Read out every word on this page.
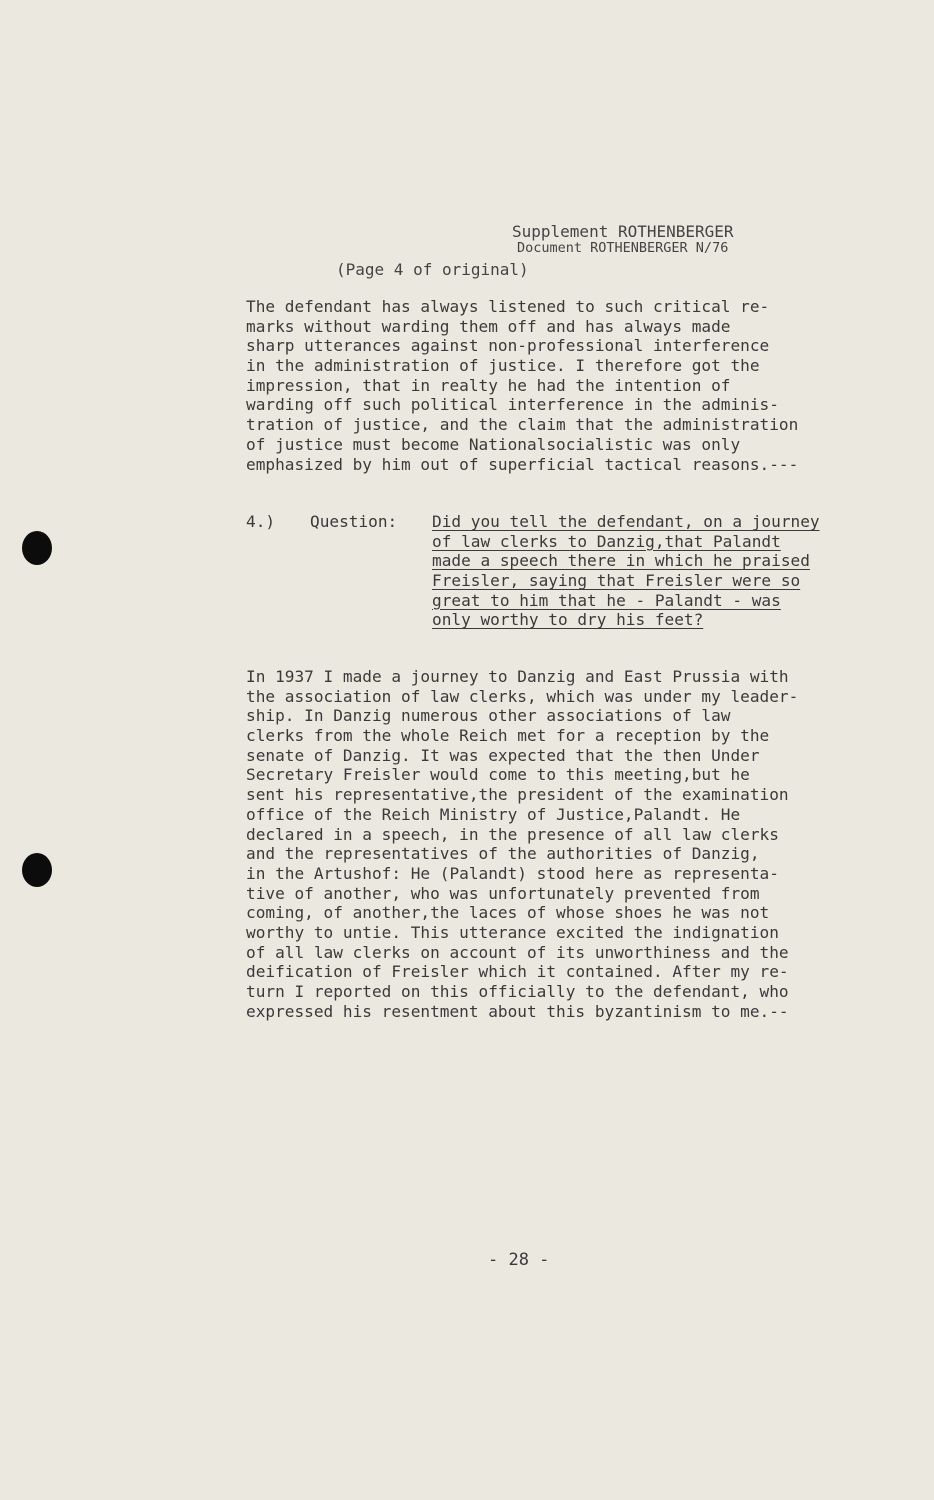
Supplement ROTHENBERGER
Document ROTHENBERGER N/76
(Page 4 of original)
The defendant has always listened to such critical re-
marks without warding them off and has always made
sharp utterances against non-professional interference
in the administration of justice. I therefore got the
impression, that in realty he had the intention of
warding off such political interference in the adminis-
tration of justice, and the claim that the administration
of justice must become Nationalsocialistic was only
emphasized by him out of superficial tactical reasons.---
4.) Question: Did you tell the defendant, on a journey
of law clerks to Danzig,that Palandt
made a speech there in which he praised
Freisler, saying that Freisler were so
great to him that he - Palandt - was
only worthy to dry his feet?
In 1937 I made a journey to Danzig and East Prussia with
the association of law clerks, which was under my leader-
ship. In Danzig numerous other associations of law
clerks from the whole Reich met for a reception by the
senate of Danzig. It was expected that the then Under
Secretary Freisler would come to this meeting,but he
sent his representative,the president of the examination
office of the Reich Ministry of Justice,Palandt. He
declared in a speech, in the presence of all law clerks
and the representatives of the authorities of Danzig,
in the Artushof: He (Palandt) stood here as representa-
tive of another, who was unfortunately prevented from
coming, of another,the laces of whose shoes he was not
worthy to untie. This utterance excited the indignation
of all law clerks on account of its unworthiness and the
deification of Freisler which it contained. After my re-
turn I reported on this officially to the defendant, who
expressed his resentment about this byzantinism to me.--
- 28 -
